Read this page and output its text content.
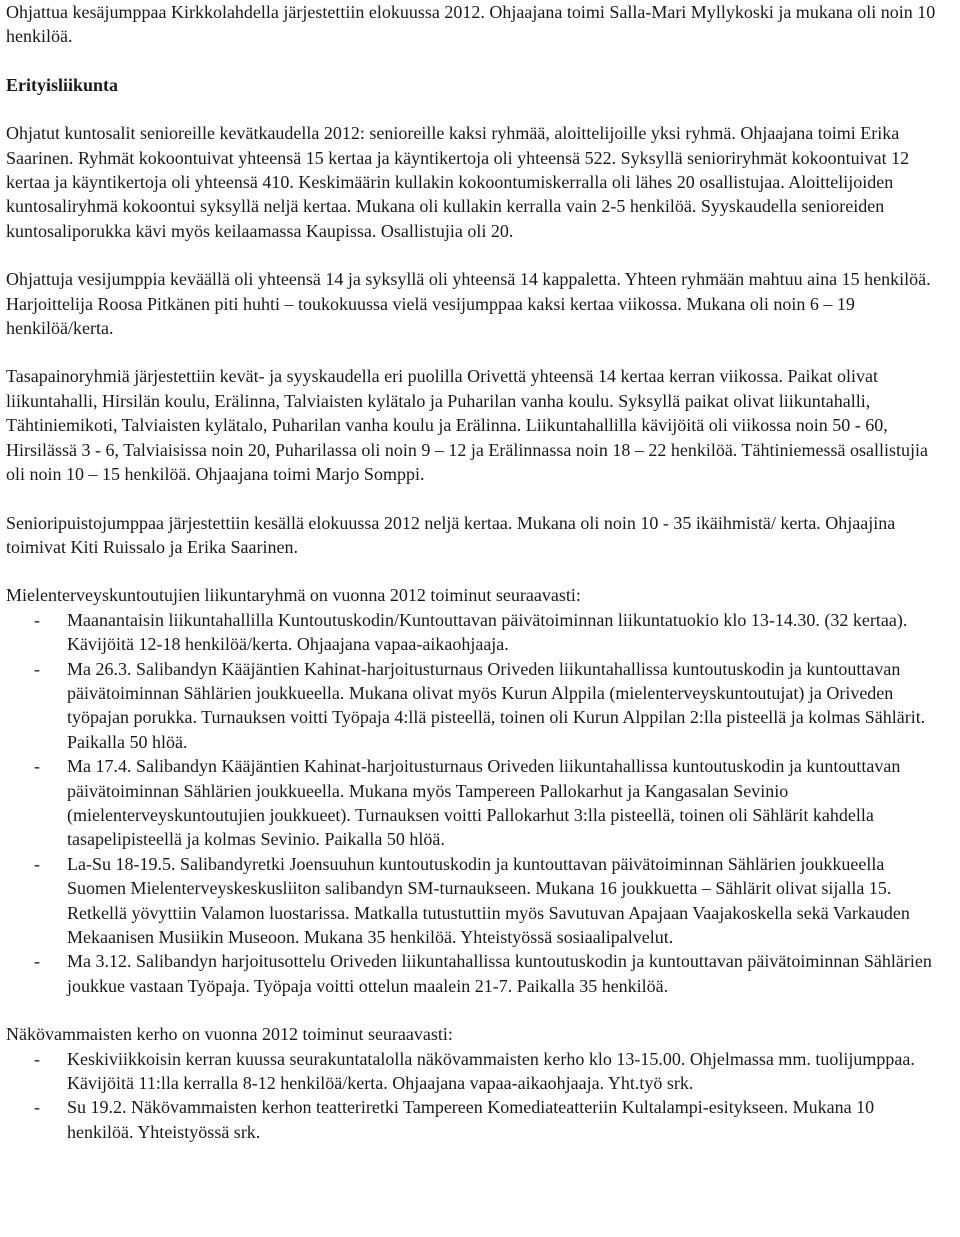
Ohjattua kesäjumppaa Kirkkolahdella järjestettiin elokuussa 2012. Ohjaajana toimi Salla-Mari Myllykoski ja mukana oli noin 10 henkilöä.

Erityisliikunta

Ohjatut kuntosalit senioreille kevätkaudella 2012: senioreille kaksi ryhmää, aloittelijoille yksi ryhmä. Ohjaajana toimi Erika Saarinen. Ryhmät kokoontuivat yhteensä 15 kertaa ja käyntikertoja oli yhteensä 522. Syksyllä senioriryhmät kokoontuivat 12 kertaa ja käyntikertoja oli yhteensä 410. Keskimäärin kullakin kokoontumiskerralla oli lähes 20 osallistujaa. Aloittelijoiden kuntosaliryhmä kokoontui syksyllä neljä kertaa. Mukana oli kullakin kerralla vain 2-5 henkilöä. Syyskaudella senioreiden kuntosaliporukka kävi myös keilaamassa Kaupissa. Osallistujia oli 20.

Ohjattuja vesijumppia keväällä oli yhteensä 14 ja syksyllä oli yhteensä 14 kappaletta. Yhteen ryhmään mahtuu aina 15 henkilöä. Harjoittelija Roosa Pitkänen piti huhti – toukokuussa vielä vesijumppaa kaksi kertaa viikossa. Mukana oli noin 6 – 19 henkilöä/kerta.

Tasapainoryhmiä järjestettiin kevät- ja syyskaudella eri puolilla Orivettä yhteensä 14 kertaa kerran viikossa. Paikat olivat liikuntahalli, Hirsilän koulu, Erälinna, Talviaisten kylätalo ja Puharilan vanha koulu. Syksyllä paikat olivat liikuntahalli, Tähtiniemikoti, Talviaisten kylätalo, Puharilan vanha koulu ja Erälinna. Liikuntahallilla kävijöitä oli viikossa noin 50 - 60, Hirsilässä 3 - 6, Talviaisissa noin 20, Puharilassa oli noin 9 – 12 ja Erälinnassa noin 18 – 22 henkilöä. Tähtiniemessä osallistujia oli noin 10 – 15 henkilöä. Ohjaajana toimi Marjo Somppi.

Senioripuistojumppaa järjestettiin kesällä elokuussa 2012 neljä kertaa. Mukana oli noin 10 - 35 ikäihmistä/ kerta. Ohjaajina toimivat Kiti Ruissalo ja Erika Saarinen.

Mielenterveyskuntoutujien liikuntaryhmä on vuonna 2012 toiminut seuraavasti:

- Maanantaisin liikuntahallilla Kuntoutuskodin/Kuntouttavan päivätoiminnan liikuntatuokio klo 13-14.30. (32 kertaa). Kävijöitä 12-18 henkilöä/kerta. Ohjaajana vapaa-aikaohjaaja.
- Ma 26.3. Salibandyn Kääjäntien Kahinat-harjoitusturnaus Oriveden liikuntahallissa kuntoutuskodin ja kuntouttavan päivätoiminnan Sählärien joukkueella. Mukana olivat myös Kurun Alppila (mielenterveyskuntoutujat) ja Oriveden työpajan porukka. Turnauksen voitti Työpaja 4:llä pisteellä, toinen oli Kurun Alppilan 2:lla pisteellä ja kolmas Sählärit. Paikalla 50 hlöä.
- Ma 17.4. Salibandyn Kääjäntien Kahinat-harjoitusturnaus Oriveden liikuntahallissa kuntoutuskodin ja kuntouttavan päivätoiminnan Sählärien joukkueella. Mukana myös Tampereen Pallokarhut ja Kangasalan Sevinio (mielenterveyskuntoutujien joukkueet). Turnauksen voitti Pallokarhut 3:lla pisteellä, toinen oli Sählärit kahdella tasapelipisteellä ja kolmas Sevinio. Paikalla 50 hlöä.
- La-Su 18-19.5. Salibandyretki Joensuuhun kuntoutuskodin ja kuntouttavan päivätoiminnan Sählärien joukkueella Suomen Mielenterveyskeskusliiton salibandyn SM-turnaukseen. Mukana 16 joukkuetta – Sählärit olivat sijalla 15. Retkellä yövyttiin Valamon luostarissa. Matkalla tutustuttiin myös Savutuvan Apajaan Vaajakoskella sekä Varkauden Mekaanisen Musiikin Museoon. Mukana 35 henkilöä. Yhteistyössä sosiaalipalvelut.
- Ma 3.12. Salibandyn harjoitusottelu Oriveden liikuntahallissa kuntoutuskodin ja kuntouttavan päivätoiminnan Sählärien joukkue vastaan Työpaja. Työpaja voitti ottelun maalein 21-7. Paikalla 35 henkilöä.

Näkövammaisten kerho on vuonna 2012 toiminut seuraavasti:

- Keskiviikkoisin kerran kuussa seurakuntatalolla näkövammaisten kerho klo 13-15.00. Ohjelmassa mm. tuolijumppaa. Kävijöitä 11:lla kerralla 8-12 henkilöä/kerta. Ohjaajana vapaa-aikaohjaaja. Yht.työ srk.
- Su 19.2. Näkövammaisten kerhon teatteriretki Tampereen Komediateatteriin Kultalampi-esitykseen. Mukana 10 henkilöä. Yhteistyössä srk.
